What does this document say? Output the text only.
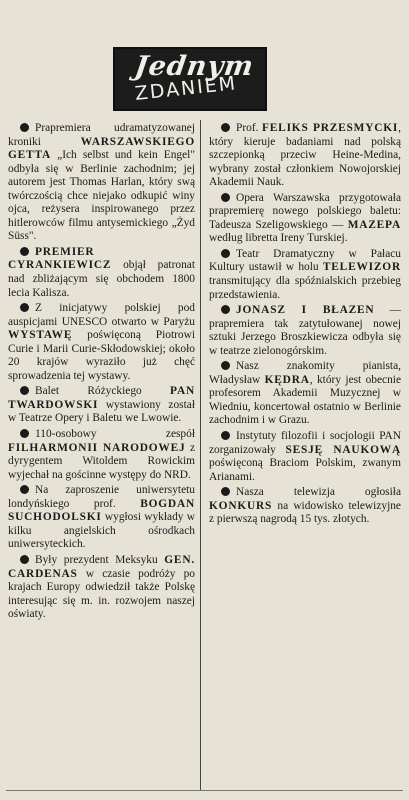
Jednym
ZDANIEM

Prapremiera udramatyzowanej kroniki WARSZAWSKIEGO GETTA „Ich selbst und kein Engel" odbyła się w Berlinie zachodnim; jej autorem jest Thomas Harlan, który swą twórczością chce niejako odkupić winy ojca, reżysera inspirowanego przez hitlerowców filmu antysemickiego „Żyd Süss".

PREMIER CYRANKIEWICZ objął patronat nad zbliżającym się obchodem 1800 lecia Kalisza.

Z inicjatywy polskiej pod auspicjami UNESCO otwarto w Paryżu WYSTAWĘ poświęconą Piotrowi Curie i Marii Curie-Skłodowskiej; około 20 krajów wyraziło już chęć sprowadzenia tej wystawy.

Balet Różyckiego PAN TWARDOWSKI wystawiony został w Teatrze Opery i Baletu we Lwowie.

110-osobowy zespół FILHARMONII NARODOWEJ z dyrygentem Witoldem Rowickim wyjechał na gościnne występy do NRD.

Na zaproszenie uniwersytetu londyńskiego prof. BOGDAN SUCHODOLSKI wygłosi wykłady w kilku angielskich ośrodkach uniwersyteckich.

Były prezydent Meksyku GEN. CARDENAS w czasie podróży po krajach Europy odwiedził także Polskę interesując się m. in. rozwojem naszej oświaty.

Prof. FELIKS PRZESMYCKI, który kieruje badaniami nad polską szczepionką przeciw Heine-Medina, wybrany został członkiem Nowojorskiej Akademii Nauk.

Opera Warszawska przygotowała prapremierę nowego polskiego baletu: Tadeusza Szeligowskiego — MAZEPA według libretta Ireny Turskiej.

Teatr Dramatyczny w Pałacu Kultury ustawił w holu TELEWIZOR transmitujący dla spóźnialskich przebieg przedstawienia.

JONASZ I BŁAZEN — prapremiera tak zatytułowanej nowej sztuki Jerzego Broszkiewicza odbyła się w teatrze zielonogórskim.

Nasz znakomity pianista, Władysław KĘDRA, który jest obecnie profesorem Akademii Muzycznej w Wiedniu, koncertował ostatnio w Berlinie zachodnim i w Grazu.

Instytuty filozofii i socjologii PAN zorganizowały SESJĘ NAUKOWĄ poświęconą Braciom Polskim, zwanym Arianami.

Nasza telewizja ogłosiła KONKURS na widowisko telewizyjne z pierwszą nagrodą 15 tys. złotych.
